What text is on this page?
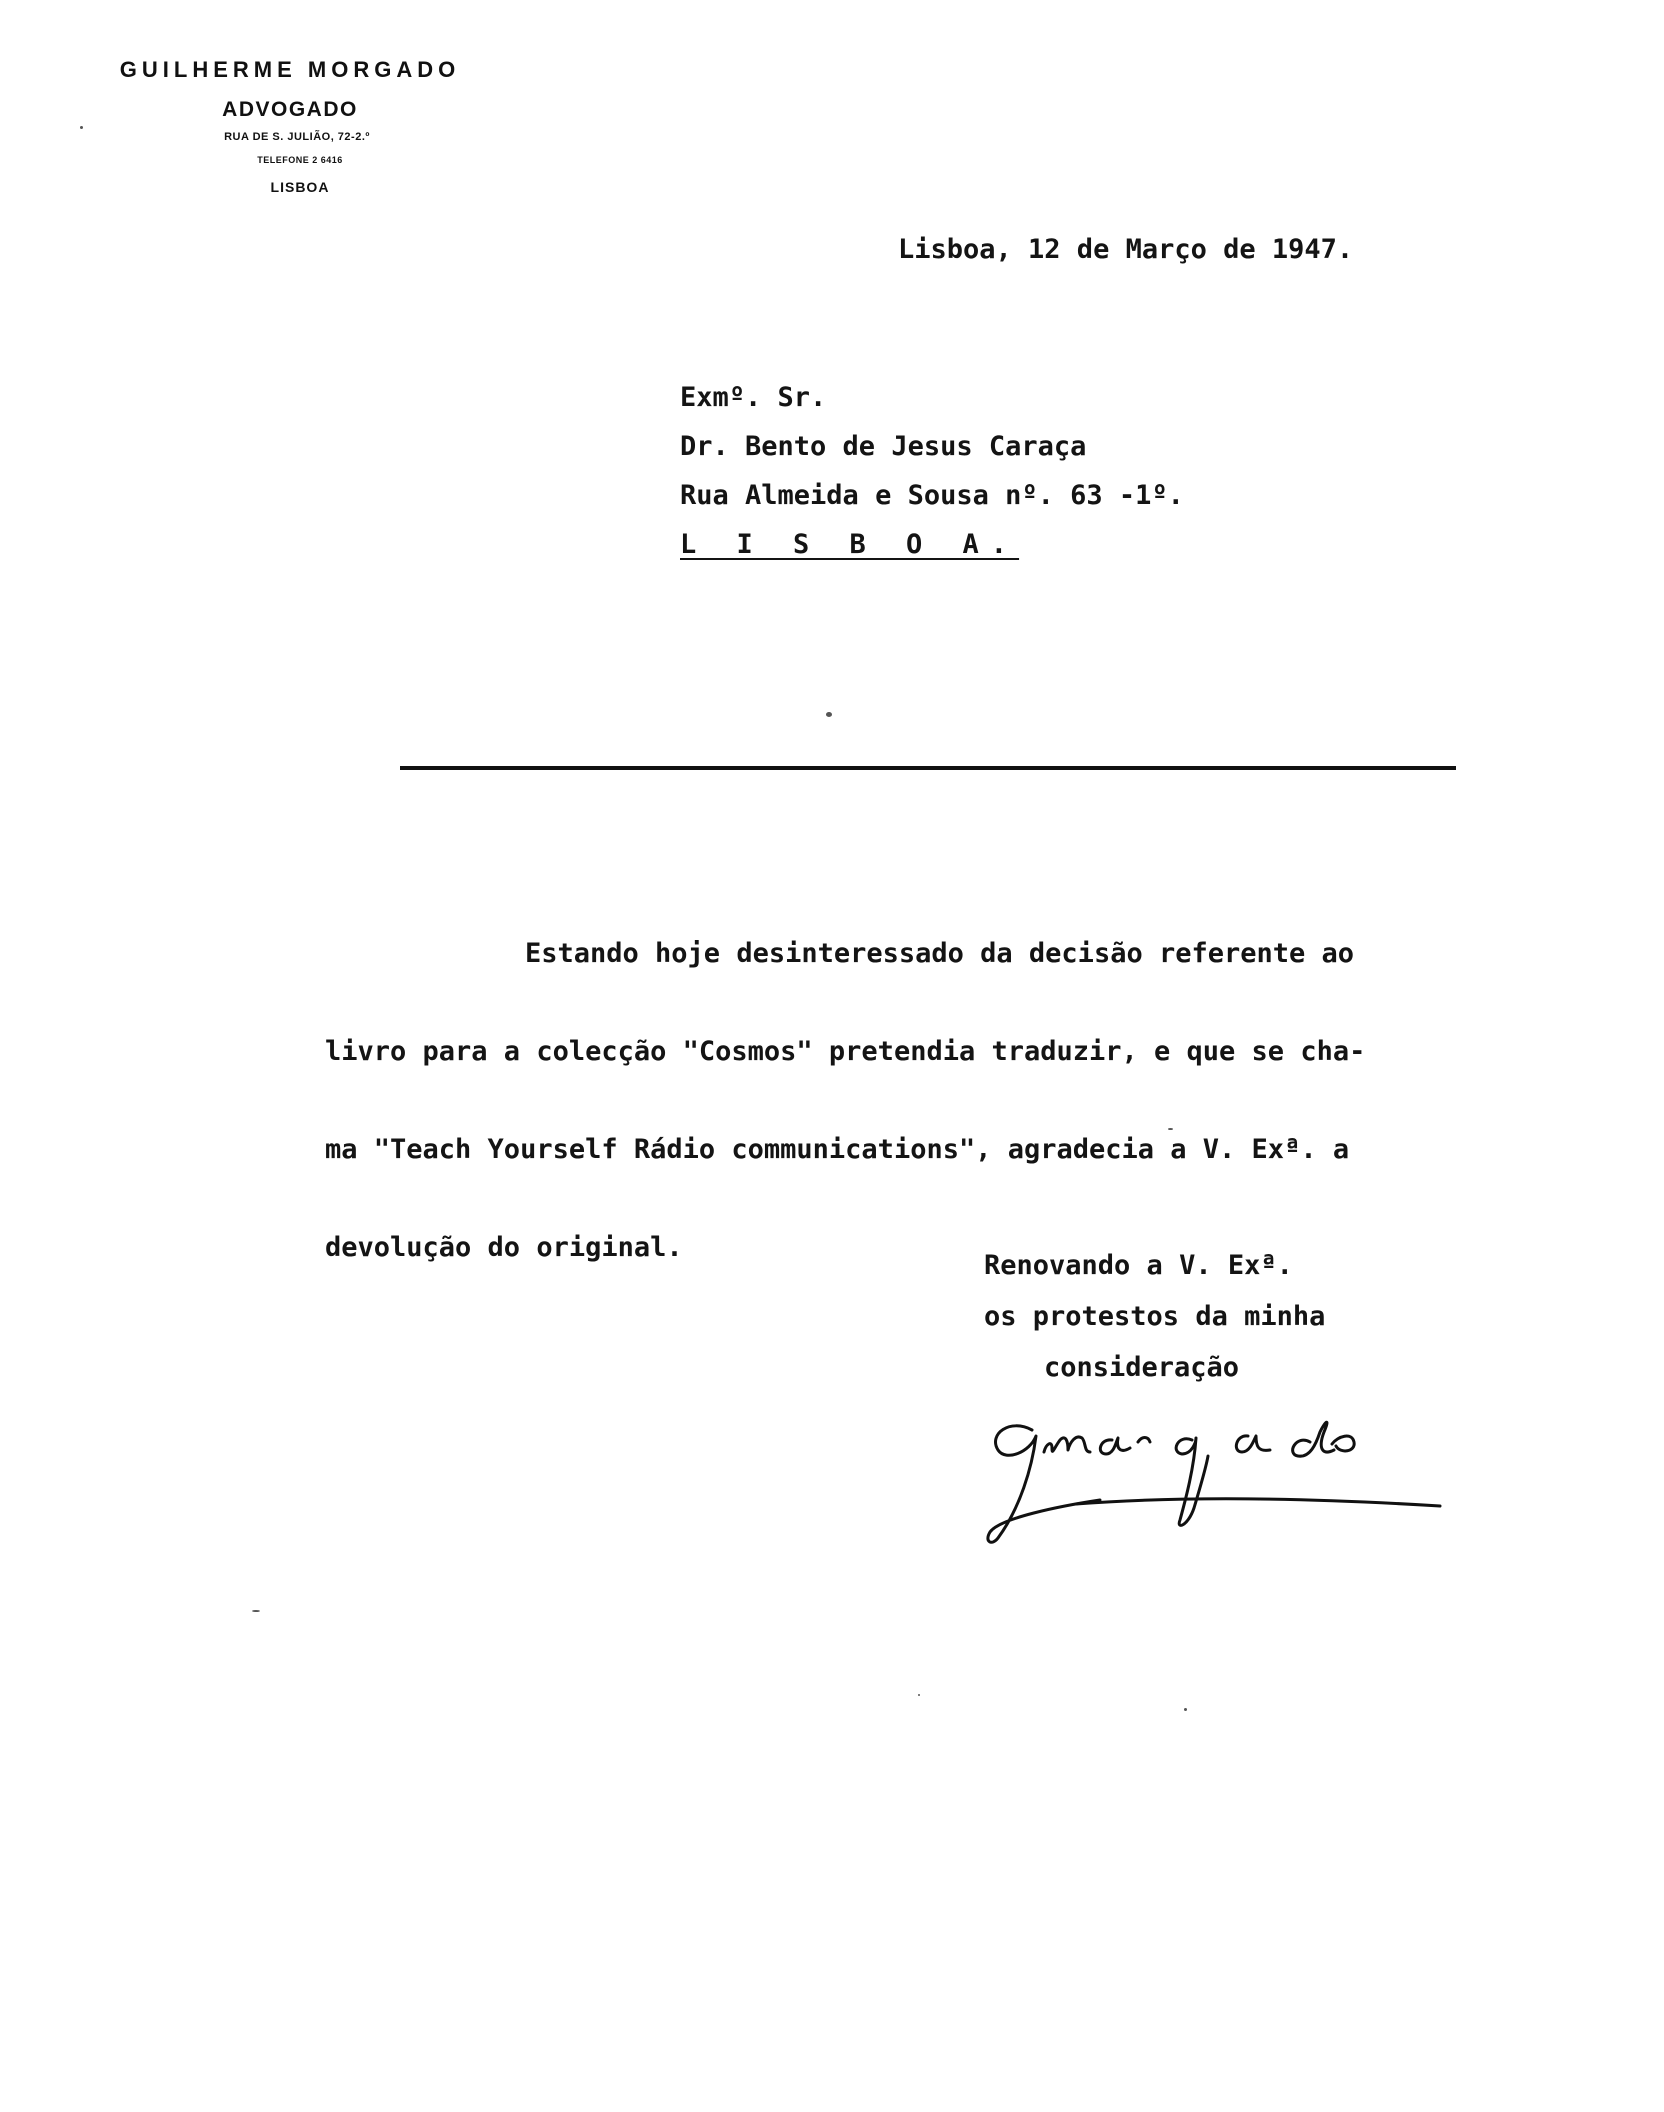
GUILHERME MORGADO
ADVOGADO
RUA DE S. JULIÃO, 72-2.º
TELEFONE 2 6416
LISBOA
Lisboa, 12 de Março de 1947.
Exmº. Sr.
Dr. Bento de Jesus Caraça
Rua Almeida e Sousa nº. 63 -1º.
L I S B O A.

Estando hoje desinteressado da decisão referente ao

livro para a colecção "Cosmos" pretendia traduzir, e que se cha-

ma "Teach Yourself Rádio communications", agradecia a V. Exª. a

devolução do original.

Renovando a V. Exª.
os protestos da minha
consideração
